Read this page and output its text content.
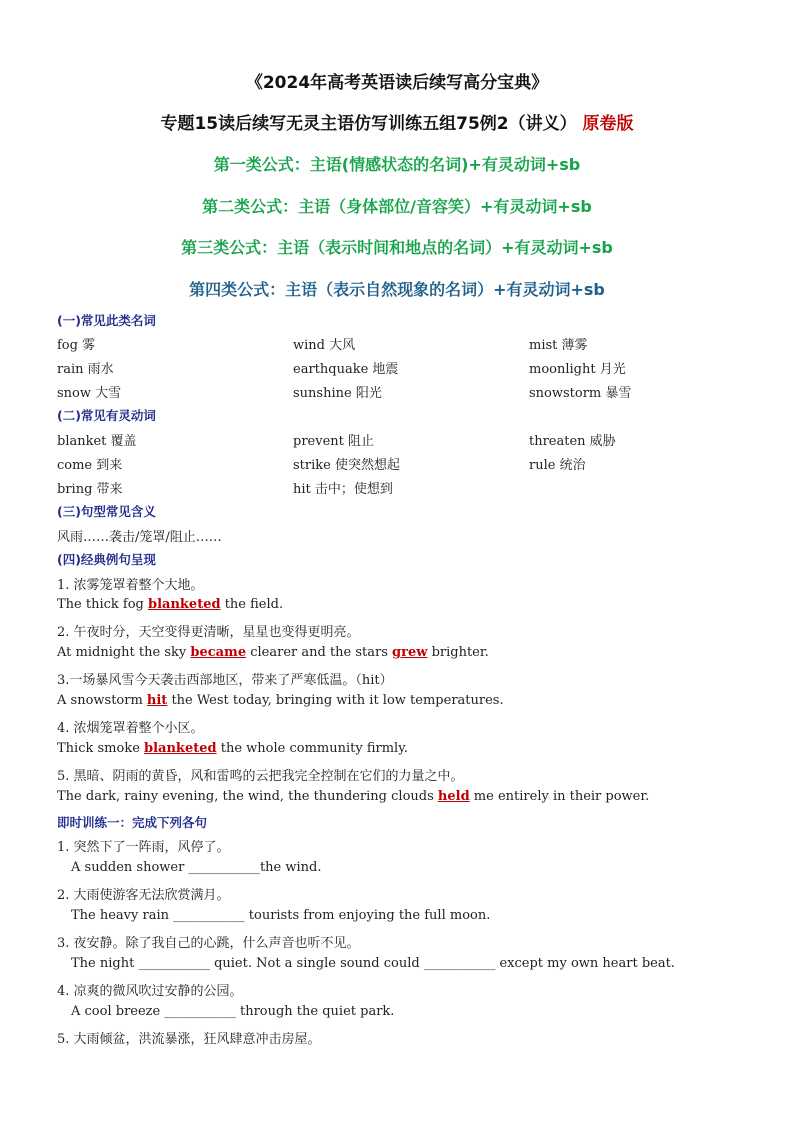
《2024年高考英语读后续写高分宝典》
专题15读后续写无灵主语仿写训练五组75例2（讲义） 原卷版
第一类公式：主语(情感状态的名词)+有灵动词+sb
第二类公式：主语（身体部位/音容笑）+有灵动词+sb
第三类公式：主语（表示时间和地点的名词）+有灵动词+sb
第四类公式：主语（表示自然现象的名词）+有灵动词+sb
(一)常见此类名词
fog 雾	wind 大风	mist 薄雾
rain 雨水	earthquake 地震	moonlight 月光
snow 大雪	sunshine 阳光	snowstorm 暴雪
(二)常见有灵动词
blanket 覆盖	prevent 阻止	threaten 威胁
come 到来	strike 使突然想起	rule 统治
bring 带来	hit 击中；使想到
(三)句型常见含义
风雨……袭击/笼罩/阻止……
(四)经典例句呈现
1. 浓雾笼罩着整个大地。
The thick fog blanketed the field.
2. 午夜时分，天空变得更清晰，星星也变得更明亮。
At midnight the sky became clearer and the stars grew brighter.
3.一场暴风雪今天袭击西部地区，带来了严寒低温。（hit）
A snowstorm hit the West today, bringing with it low temperatures.
4. 浓烟笼罩着整个小区。
Thick smoke blanketed the whole community firmly.
5. 黑暗、阴雨的黄昏，风和雷鸣的云把我完全控制在它们的力量之中。
The dark, rainy evening, the wind, the thundering clouds held me entirely in their power.
即时训练一：完成下列各句
1. 突然下了一阵雨，风停了。
A sudden shower ___________the wind.
2. 大雨使游客无法欣赏满月。
The heavy rain ___________ tourists from enjoying the full moon.
3. 夜安静。除了我自己的心跳，什么声音也听不见。
The night ___________ quiet. Not a single sound could ___________ except my own heart beat.
4. 凉爽的微风吹过安静的公园。
A cool breeze ___________ through the quiet park.
5. 大雨倾盆，洪流暴涨，狂风肆意冲击房屋。
